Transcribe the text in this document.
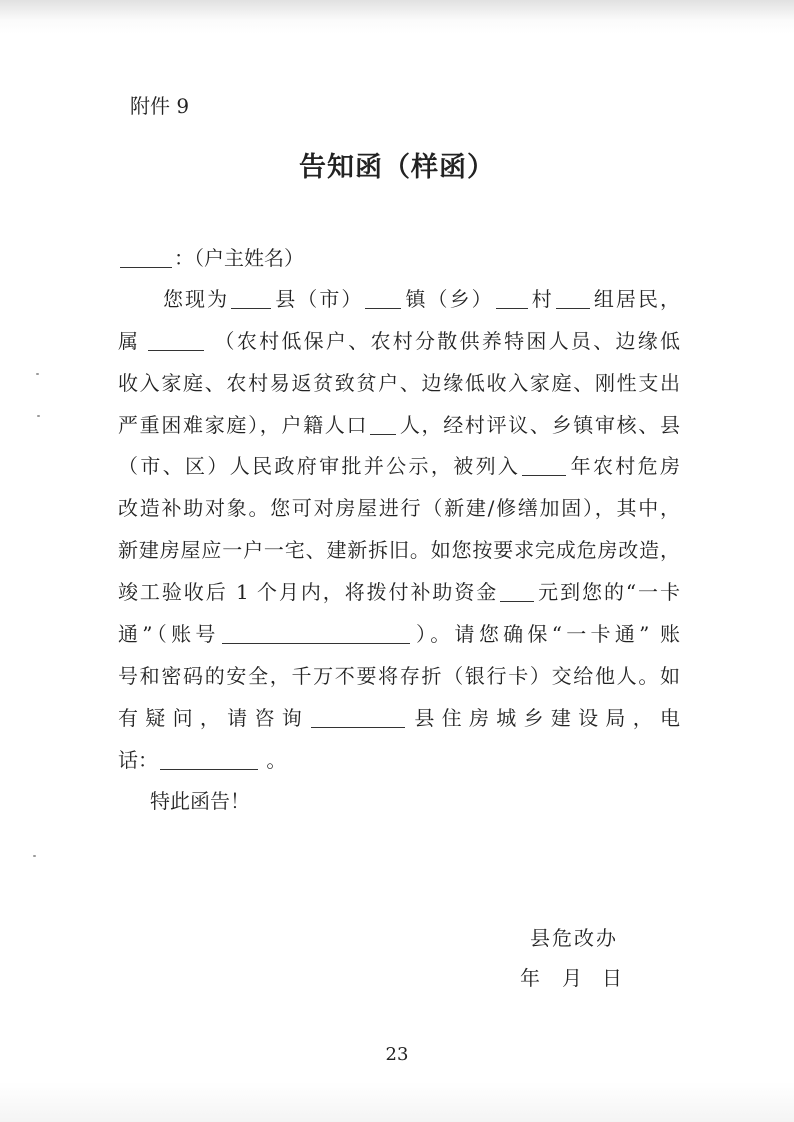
附件 9
告知函（样函）
：（户主姓名）
您现为 县（市） 镇（乡） 村 组居民，
属	（农村低保户、农村分散供养特困人员、边缘低
收入家庭、农村易返贫致贫户、边缘低收入家庭、刚性支出
严重困难家庭），户籍人口 人，经村评议、乡镇审核、县
（市、区）人民政府审批并公示，被列入 年农村危房
改造补助对象。您可对房屋进行（新建/修缮加固），其中，
新建房屋应一户一宅、建新拆旧。如您按要求完成危房改造，
竣工验收后 1 个月内，将拨付补助资金 元到您的“一卡
通”（账号	）。请您确保“一卡通” 账
号和密码的安全，千万不要将存折（银行卡）交给他人。如
有疑问，请咨询	县住房城乡建设局，电
话：	。
特此函告！
县危改办
年 月 日
23
